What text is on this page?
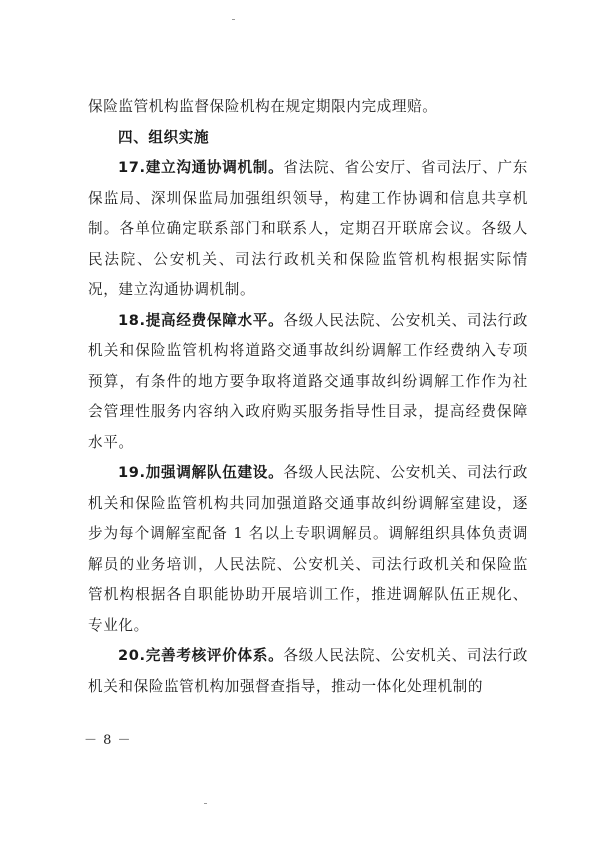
保险监管机构监督保险机构在规定期限内完成理赔。

四、组织实施

17.建立沟通协调机制。省法院、省公安厅、省司法厅、广东保监局、深圳保监局加强组织领导，构建工作协调和信息共享机制。各单位确定联系部门和联系人，定期召开联席会议。各级人民法院、公安机关、司法行政机关和保险监管机构根据实际情况，建立沟通协调机制。

18.提高经费保障水平。各级人民法院、公安机关、司法行政机关和保险监管机构将道路交通事故纠纷调解工作经费纳入专项预算，有条件的地方要争取将道路交通事故纠纷调解工作作为社会管理性服务内容纳入政府购买服务指导性目录，提高经费保障水平。

19.加强调解队伍建设。各级人民法院、公安机关、司法行政机关和保险监管机构共同加强道路交通事故纠纷调解室建设，逐步为每个调解室配备 1 名以上专职调解员。调解组织具体负责调解员的业务培训，人民法院、公安机关、司法行政机关和保险监管机构根据各自职能协助开展培训工作，推进调解队伍正规化、专业化。

20.完善考核评价体系。各级人民法院、公安机关、司法行政机关和保险监管机构加强督查指导，推动一体化处理机制的

－ 8 －
